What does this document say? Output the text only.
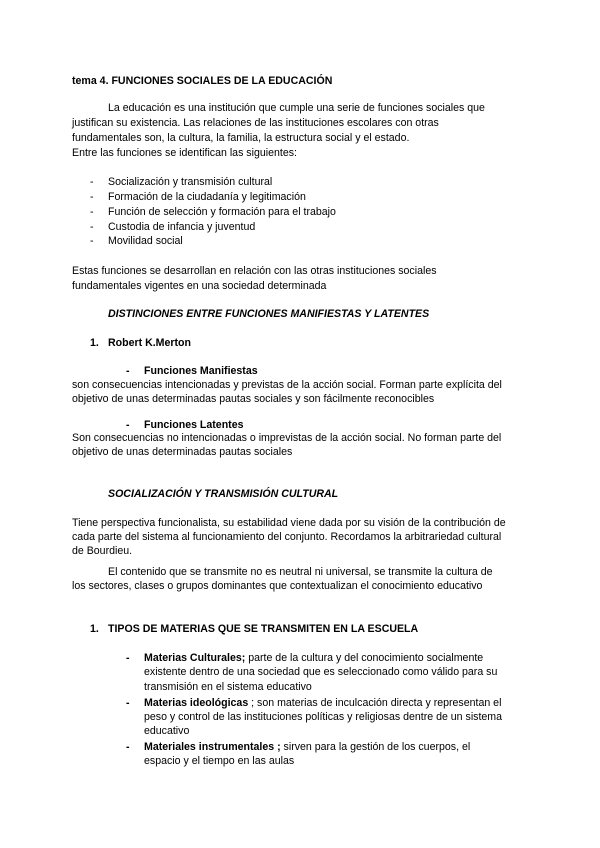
tema 4. FUNCIONES SOCIALES DE LA EDUCACIÓN
La educación es una institución que cumple una serie de funciones sociales que
justifican su existencia. Las relaciones de las instituciones escolares con otras
fundamentales son, la cultura, la familia, la estructura social y el estado.
Entre las funciones se identifican las siguientes:
- Socialización y transmisión cultural
- Formación de la ciudadanía y legitimación
- Función de selección y formación para el trabajo
- Custodia de infancia y juventud
- Movilidad social
Estas funciones se desarrollan en relación con las otras instituciones sociales
fundamentales vigentes en una sociedad determinada
DISTINCIONES ENTRE FUNCIONES MANIFIESTAS Y LATENTES
1. Robert K.Merton
- Funciones Manifiestas
son consecuencias intencionadas y previstas de la acción social. Forman parte explícita del
objetivo de unas determinadas pautas sociales y son fácilmente reconocibles
- Funciones Latentes
Son consecuencias no intencionadas o imprevistas de la acción social. No forman parte del
objetivo de unas determinadas pautas sociales
SOCIALIZACIÓN Y TRANSMISIÓN CULTURAL
Tiene perspectiva funcionalista, su estabilidad viene dada por su visión de la contribución de
cada parte del sistema al funcionamiento del conjunto. Recordamos la arbitrariedad cultural
de Bourdieu.
El contenido que se transmite no es neutral ni universal, se transmite la cultura de
los sectores, clases o grupos dominantes que contextualizan el conocimiento educativo
1. TIPOS DE MATERIAS QUE SE TRANSMITEN EN LA ESCUELA
- Materias Culturales; parte de la cultura y del conocimiento socialmente
existente dentro de una sociedad que es seleccionado como válido para su
transmisión en el sistema educativo
- Materias ideológicas ; son materias de inculcación directa y representan el
peso y control de las instituciones políticas y religiosas dentre de un sistema
educativo
- Materiales instrumentales ; sirven para la gestión de los cuerpos, el
espacio y el tiempo en las aulas
